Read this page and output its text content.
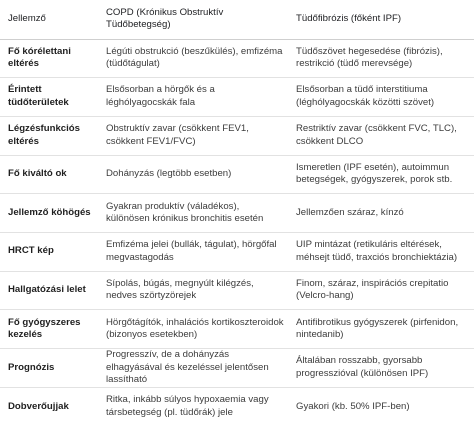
Jellemző	COPD (Krónikus Obstruktív Tüdőbetegség)	Tüdőfibrózis (főként IPF)
Fő kórélettani eltérés	Légúti obstrukció (beszűkülés), emfizéma (tüdőtágulat)	Tüdőszövet hegesedése (fibrózis), restrikció (tüdő merevsége)
Érintett tüdőterületek	Elsősorban a hörgők és a léghólyagocskák fala	Elsősorban a tüdő interstitiuma (léghólyagocskák közötti szövet)
Légzésfunkciós eltérés	Obstruktív zavar (csökkent FEV1, csökkent FEV1/FVC)	Restriktív zavar (csökkent FVC, TLC), csökkent DLCO
Fő kiváltó ok	Dohányzás (legtöbb esetben)	Ismeretlen (IPF esetén), autoimmun betegségek, gyógyszerek, porok stb.
Jellemző köhögés	Gyakran produktív (váladékos), különösen krónikus bronchitis esetén	Jellemzően száraz, kínzó
HRCT kép	Emfizéma jelei (bullák, tágulat), hörgőfal megvastagodás	UIP mintázat (retikuláris eltérések, méhsejt tüdő, traxciós bronchiektázia)
Hallgatózási lelet	Sípolás, búgás, megnyúlt kilégzés, nedves szörtyzörejek	Finom, száraz, inspirációs crepitatio (Velcro-hang)
Fő gyógyszeres kezelés	Hörgőtágítók, inhalációs kortikoszteroidok (bizonyos esetekben)	Antifibrotikus gyógyszerek (pirfenidon, nintedanib)
Prognózis	Progresszív, de a dohányzás elhagyásával és kezeléssel jelentősen lassítható	Általában rosszabb, gyorsabb progresszióval (különösen IPF)
Dobverőujjak	Ritka, inkább súlyos hypoxaemia vagy társbetegség (pl. tüdőrák) jele	Gyakori (kb. 50% IPF-ben)
